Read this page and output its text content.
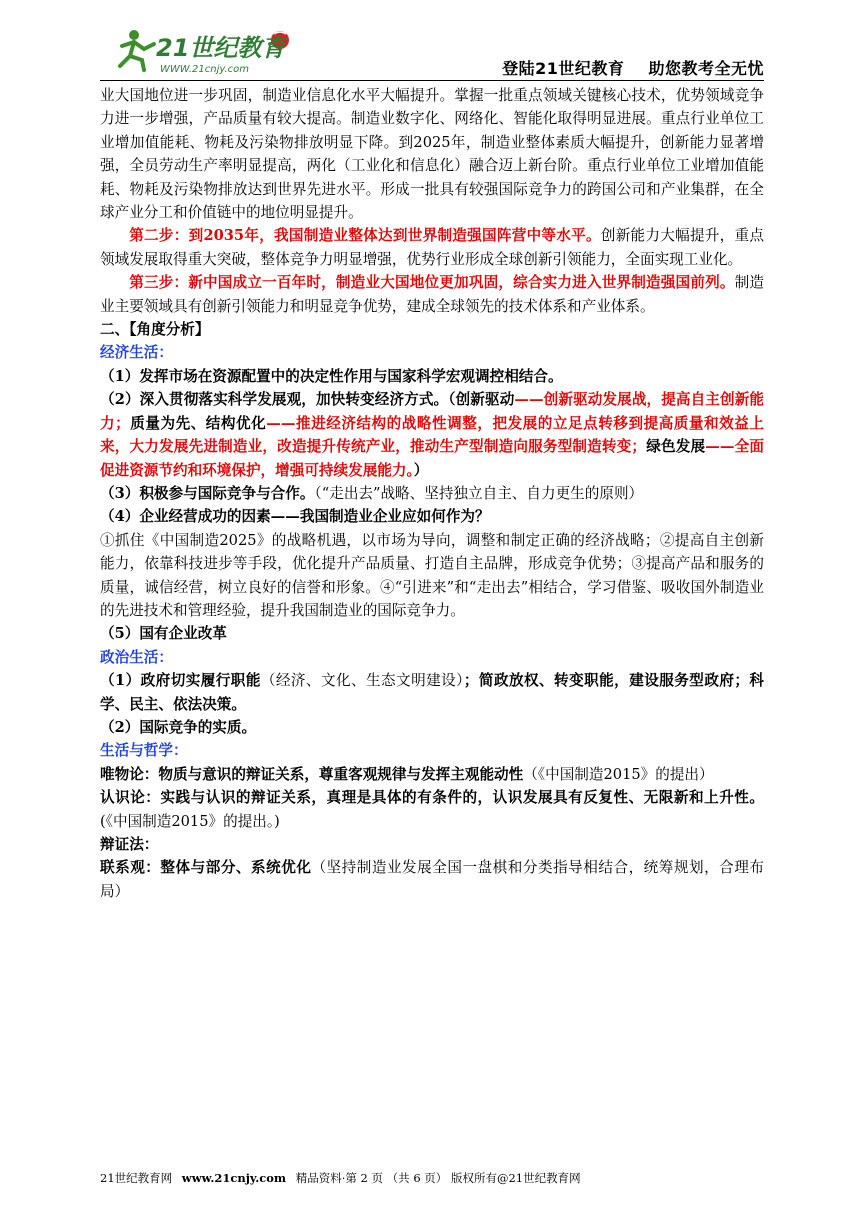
21世纪教育
WWW.21cnjy.com	登陆21世纪教育 助您教考全无忧

业大国地位进一步巩固，制造业信息化水平大幅提升。掌握一批重点领域关键核心技术，优势领域竞争力进一步增强，产品质量有较大提高。制造业数字化、网络化、智能化取得明显进展。重点行业单位工业增加值能耗、物耗及污染物排放明显下降。到2025年，制造业整体素质大幅提升，创新能力显著增强，全员劳动生产率明显提高，两化（工业化和信息化）融合迈上新台阶。重点行业单位工业增加值能耗、物耗及污染物排放达到世界先进水平。形成一批具有较强国际竞争力的跨国公司和产业集群，在全球产业分工和价值链中的地位明显提升。

第二步：到2035年，我国制造业整体达到世界制造强国阵营中等水平。创新能力大幅提升，重点领域发展取得重大突破，整体竞争力明显增强，优势行业形成全球创新引领能力，全面实现工业化。

第三步：新中国成立一百年时，制造业大国地位更加巩固，综合实力进入世界制造强国前列。制造业主要领域具有创新引领能力和明显竞争优势，建成全球领先的技术体系和产业体系。

二、【角度分析】

经济生活：

（1）发挥市场在资源配置中的决定性作用与国家科学宏观调控相结合。

（2）深入贯彻落实科学发展观，加快转变经济方式。（创新驱动——创新驱动发展战，提高自主创新能力；质量为先、结构优化——推进经济结构的战略性调整，把发展的立足点转移到提高质量和效益上来，大力发展先进制造业，改造提升传统产业，推动生产型制造向服务型制造转变；绿色发展——全面促进资源节约和环境保护，增强可持续发展能力。）

（3）积极参与国际竞争与合作。（“走出去”战略、坚持独立自主、自力更生的原则）

（4）企业经营成功的因素——我国制造业企业应如何作为？

①抓住《中国制造2025》的战略机遇，以市场为导向，调整和制定正确的经济战略；②提高自主创新能力，依靠科技进步等手段，优化提升产品质量、打造自主品牌，形成竞争优势；③提高产品和服务的质量，诚信经营，树立良好的信誉和形象。④“引进来”和“走出去”相结合，学习借鉴、吸收国外制造业的先进技术和管理经验，提升我国制造业的国际竞争力。

（5）国有企业改革

政治生活：

（1）政府切实履行职能（经济、文化、生态文明建设）；简政放权、转变职能，建设服务型政府；科学、民主、依法决策。

（2）国际竞争的实质。

生活与哲学：

唯物论：物质与意识的辩证关系，尊重客观规律与发挥主观能动性（《中国制造2015》的提出）

认识论：实践与认识的辩证关系，真理是具体的有条件的，认识发展具有反复性、无限新和上升性。(《中国制造2015》的提出。)

辩证法：

联系观：整体与部分、系统优化（坚持制造业发展全国一盘棋和分类指导相结合，统筹规划，合理布局）

21世纪教育网 www.21cnjy.com 精品资料·第 2 页 （共 6 页） 版权所有@21世纪教育网
